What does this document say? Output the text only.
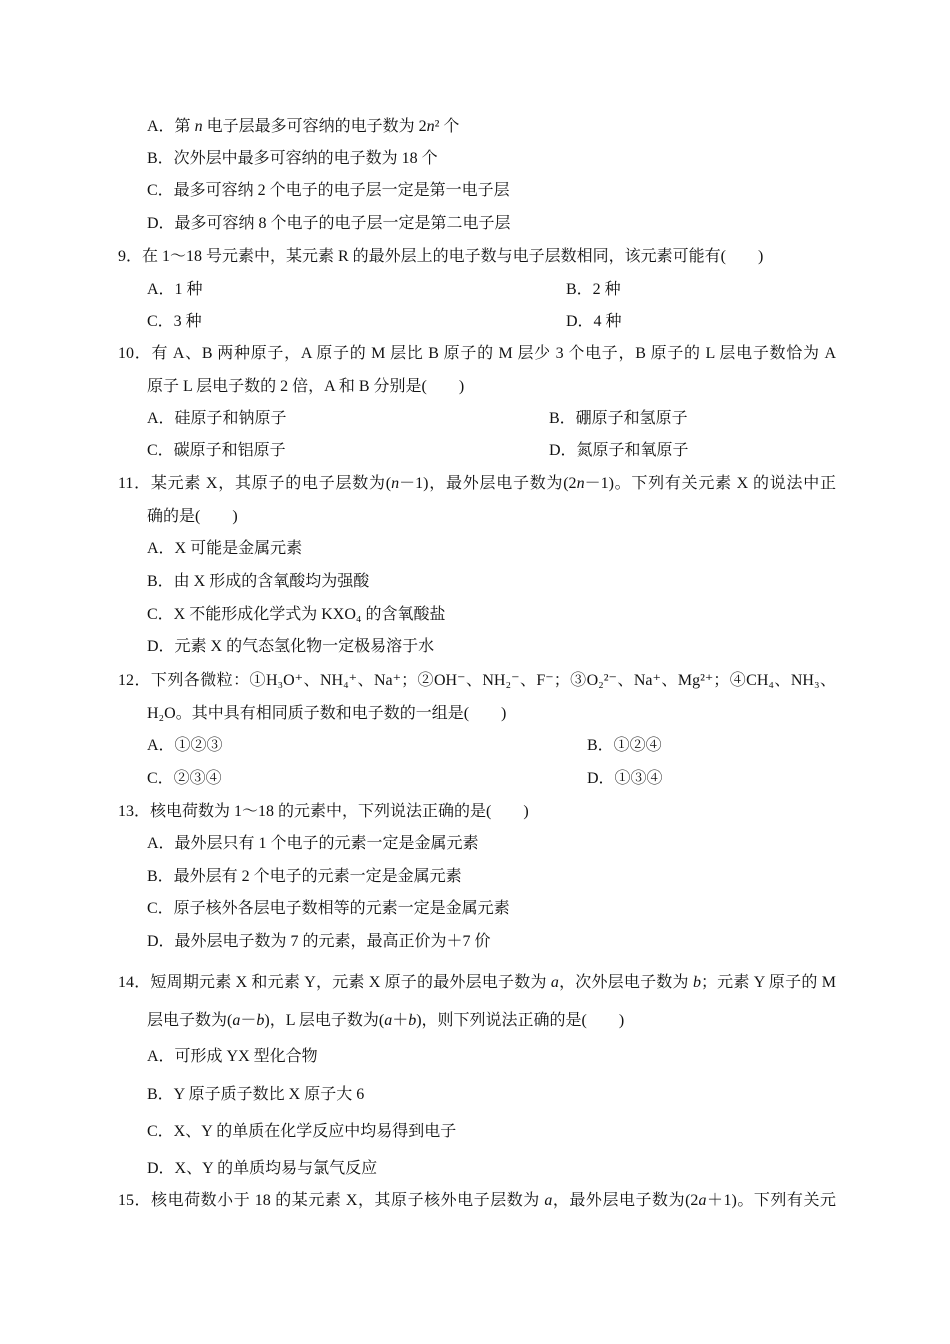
A．第 n 电子层最多可容纳的电子数为 2n² 个
B．次外层中最多可容纳的电子数为 18 个
C．最多可容纳 2 个电子的电子层一定是第一电子层
D．最多可容纳 8 个电子的电子层一定是第二电子层
9．在 1～18 号元素中，某元素 R 的最外层上的电子数与电子层数相同，该元素可能有(　　)
A．1 种	B．2 种
C．3 种	D．4 种
10．有 A、B 两种原子，A 原子的 M 层比 B 原子的 M 层少 3 个电子，B 原子的 L 层电子数恰为 A
原子 L 层电子数的 2 倍，A 和 B 分别是(　　)
A．硅原子和钠原子	B．硼原子和氢原子
C．碳原子和铝原子	D．氮原子和氧原子
11．某元素 X，其原子的电子层数为(n－1)，最外层电子数为(2n－1)。下列有关元素 X 的说法中正
确的是(　　)
A．X 可能是金属元素
B．由 X 形成的含氧酸均为强酸
C．X 不能形成化学式为 KXO₄ 的含氧酸盐
D．元素 X 的气态氢化物一定极易溶于水
12．下列各微粒：①H₃O⁺、NH₄⁺、Na⁺；②OH⁻、NH₂⁻、F⁻；③O₂²⁻、Na⁺、Mg²⁺；④CH₄、NH₃、
H₂O。其中具有相同质子数和电子数的一组是(　　)
A．①②③	B．①②④
C．②③④	D．①③④
13．核电荷数为 1～18 的元素中，下列说法正确的是(　　)
A．最外层只有 1 个电子的元素一定是金属元素
B．最外层有 2 个电子的元素一定是金属元素
C．原子核外各层电子数相等的元素一定是金属元素
D．最外层电子数为 7 的元素，最高正价为＋7 价
14．短周期元素 X 和元素 Y，元素 X 原子的最外层电子数为 a，次外层电子数为 b；元素 Y 原子的 M
层电子数为(a－b)，L 层电子数为(a＋b)，则下列说法正确的是(　　)
A．可形成 YX 型化合物
B．Y 原子质子数比 X 原子大 6
C．X、Y 的单质在化学反应中均易得到电子
D．X、Y 的单质均易与氯气反应
15．核电荷数小于 18 的某元素 X，其原子核外电子层数为 a，最外层电子数为(2a＋1)。下列有关元
